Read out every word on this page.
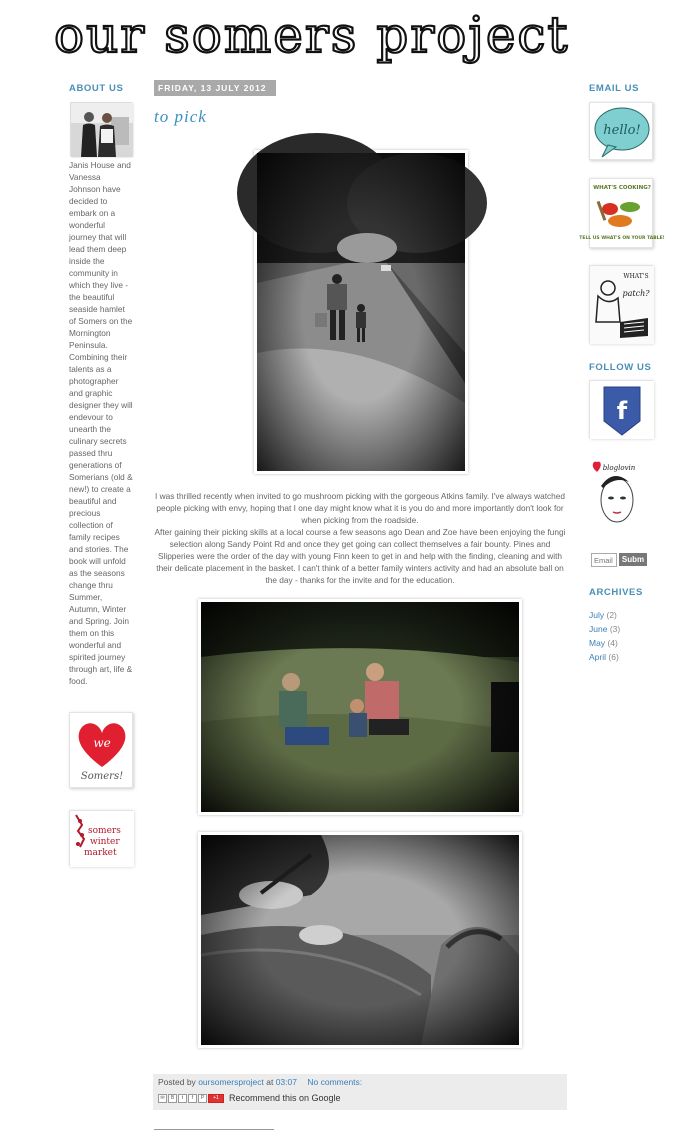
our somers project
ABOUT US
Janis House and Vanessa Johnson have decided to embark on a wonderful journey that will lead them deep inside the community in which they live - the beautiful seaside hamlet of Somers on the Mornington Peninsula. Combining their talents as a photographer and graphic designer they will endevour to unearth the culinary secrets passed thru generations of Somerians (old & new!) to create a beautiful and precious collection of family recipes and stories. The book will unfold as the seasons change thru Summer, Autumn, Winter and Spring. Join them on this wonderful and spirited journey through art, life & food.
we
Somers!
somers
winter
market
FRIDAY, 13 JULY 2012
to pick

I was thrilled recently when invited to go mushroom picking with the gorgeous Atkins family. I've always watched people picking with envy, hoping that I one day might know what it is you do and more importantly don't look for when picking from the roadside.

After gaining their picking skills at a local course a few seasons ago Dean and Zoe have been enjoying the fungi selection along Sandy Point Rd and once they get going can collect themselves a fair bounty. Pines and Slipperies were the order of the day with young Finn keen to get in and help with the finding, cleaning and with their delicate placement in the basket. I can't think of a better family winters activity and had an absolute ball on the day - thanks for the invite and for the education.

Posted by oursomersproject at 03:07 No comments:
✉	B	t	f	P	+1	Recommend this on Google
EMAIL US
hello!
WHAT'S COOKING?
TELL US WHAT'S ON YOUR TABLE!
WHAT'S
patch?
FOLLOW US
f
bloglovin
Email
Subm
ARCHIVES
July (2)
June (3)
May (4)
April (6)
